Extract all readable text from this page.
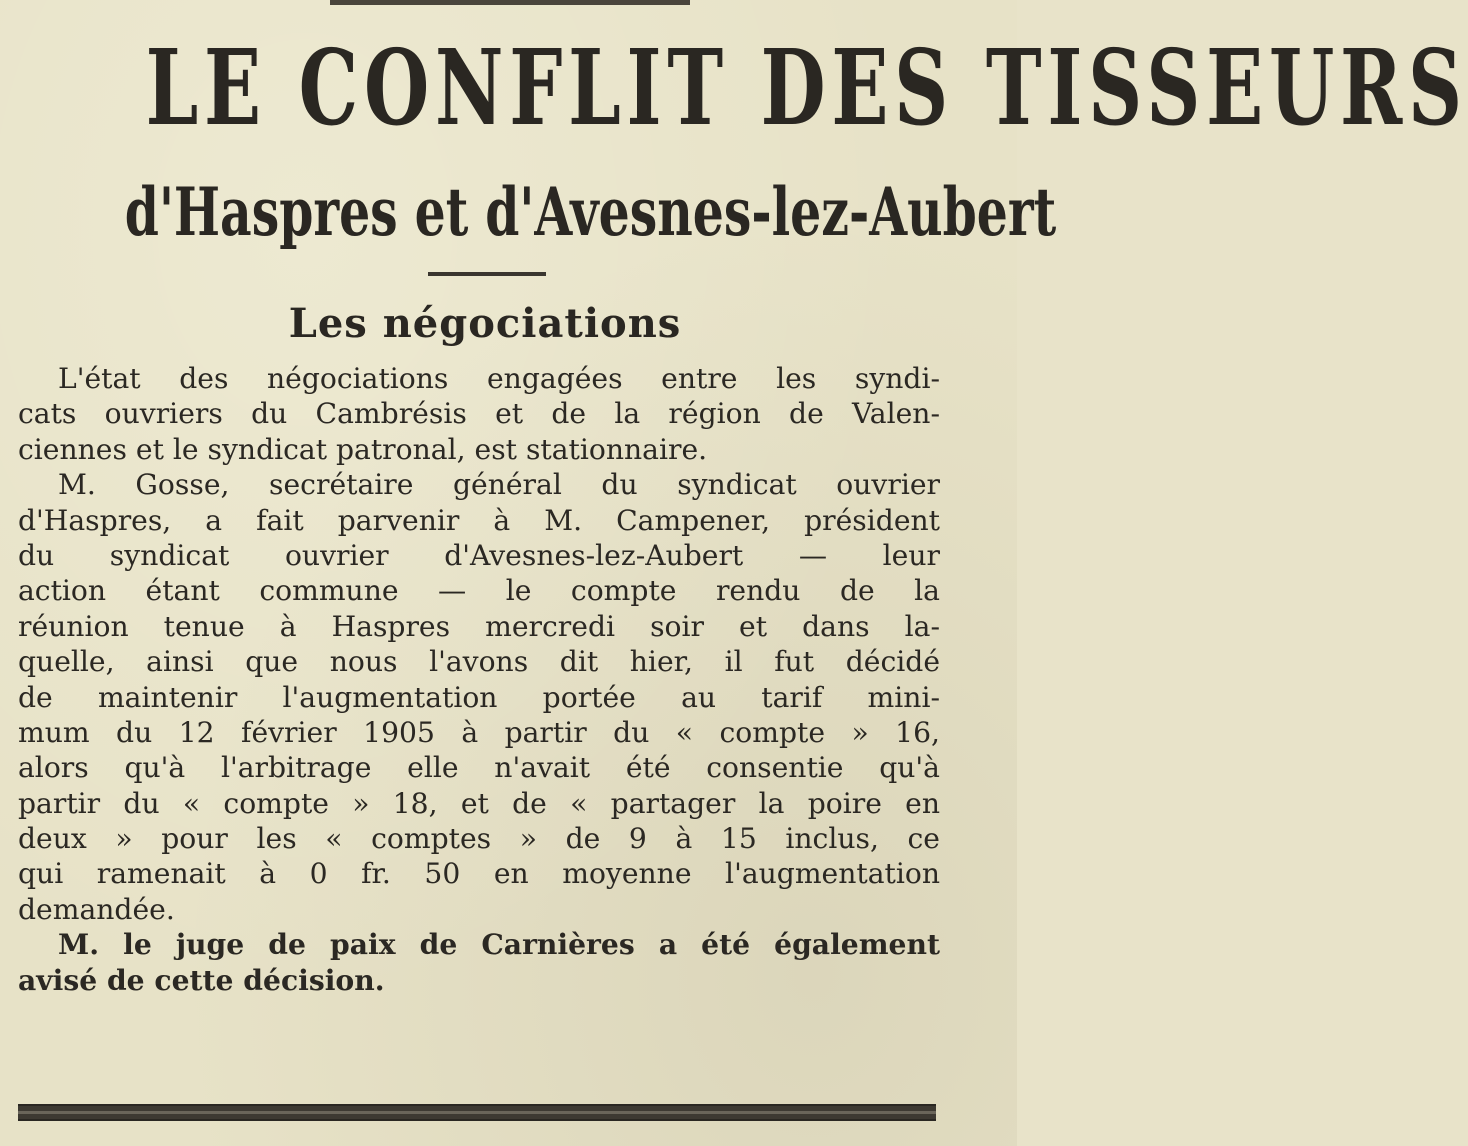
LE CONFLIT DES TISSEURS
d'Haspres et d'Avesnes-lez-Aubert
Les négociations
L'état des négociations engagées entre les syndi-
cats ouvriers du Cambrésis et de la région de Valen-
ciennes et le syndicat patronal, est stationnaire.
M. Gosse, secrétaire général du syndicat ouvrier
d'Haspres, a fait parvenir à M. Campener, président
du syndicat ouvrier d'Avesnes-lez-Aubert — leur
action étant commune — le compte rendu de la
réunion tenue à Haspres mercredi soir et dans la-
quelle, ainsi que nous l'avons dit hier, il fut décidé
de maintenir l'augmentation portée au tarif mini-
mum du 12 février 1905 à partir du « compte » 16,
alors qu'à l'arbitrage elle n'avait été consentie qu'à
partir du « compte » 18, et de « partager la poire en
deux » pour les « comptes » de 9 à 15 inclus, ce
qui ramenait à 0 fr. 50 en moyenne l'augmentation
demandée.
M. le juge de paix de Carnières a été également
avisé de cette décision.
